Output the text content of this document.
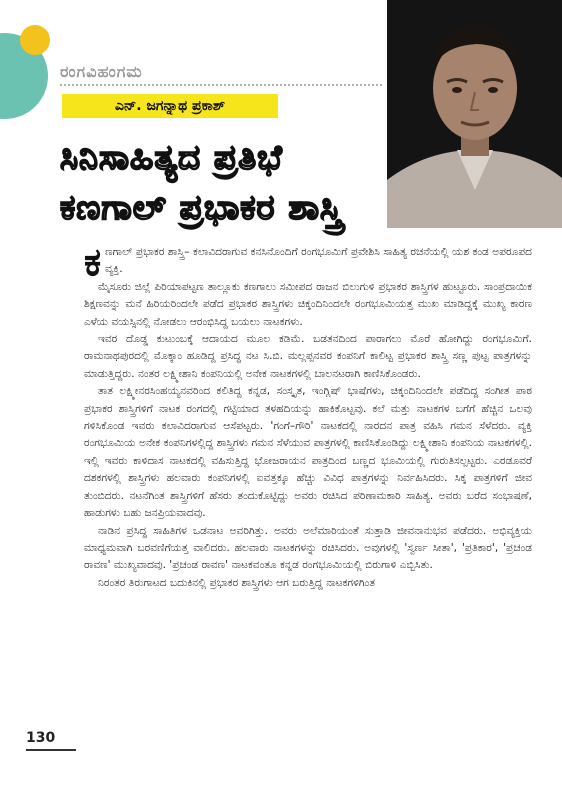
ರಂಗವಿಹಂಗಮ
ಎನ್. ಜಗನ್ನಾಥ ಪ್ರಕಾಶ್
ಸಿನಿಸಾಹಿತ್ಯದ ಪ್ರತಿಭೆ
ಕಣಗಾಲ್ ಪ್ರಭಾಕರ ಶಾಸ್ತ್ರಿ

ಕಣಗಾಲ್ ಪ್ರಭಾಕರ ಶಾಸ್ತ್ರಿ– ಕಲಾವಿದರಾಗುವ ಕನಸಿನೊಂದಿಗೆ ರಂಗಭೂಮಿಗೆ ಪ್ರವೇಶಿಸಿ ಸಾಹಿತ್ಯ ರಚನೆಯಲ್ಲಿ ಯಶ ಕಂಡ ಅಪರೂಪದ ವ್ಯಕ್ತಿ.

ಮೈಸೂರು ಜಿಲ್ಲೆ ಪಿರಿಯಾಪಟ್ಟಣ ತಾಲ್ಲೂಕು ಕಣಗಾಲು ಸಮೀಪದ ರಾಜನ ಬಿಲುಗುಳಿ ಪ್ರಭಾಕರ ಶಾಸ್ತ್ರಿಗಳ ಹುಟ್ಟೂರು. ಸಾಂಪ್ರದಾಯಿಕ ಶಿಕ್ಷಣವನ್ನು ಮನೆ ಹಿರಿಯರಿಂದಲೇ ಪಡೆದ ಪ್ರಭಾಕರ ಶಾಸ್ತ್ರಿಗಳು ಚಿಕ್ಕಂದಿನಿಂದಲೇ ರಂಗಭೂಮಿಯತ್ತ ಮುಖ ಮಾಡಿದ್ದಕ್ಕೆ ಮುಖ್ಯ ಕಾರಣ ಎಳೆಯ ವಯಸ್ಸಿನಲ್ಲಿ ನೋಡಲು ಆರಂಭಿಸಿದ್ದ ಬಯಲು ನಾಟಕಗಳು.

ಇವರ ದೊಡ್ಡ ಕುಟುಂಬಕ್ಕೆ ಆದಾಯದ ಮೂಲ ಕಡಿಮೆ. ಬಡತನದಿಂದ ಪಾರಾಗಲು ಮೊರೆ ಹೋಗಿದ್ದು ರಂಗಭೂಮಿಗೆ. ರಾಮನಾಥಪುರದಲ್ಲಿ ಮೊಕ್ಕಾಂ ಹೂಡಿದ್ದ ಪ್ರಸಿದ್ಧ ನಟ ಸಿ.ಬಿ. ಮಲ್ಲಪ್ಪನವರ ಕಂಪನಿಗೆ ಕಾಲಿಟ್ಟ ಪ್ರಭಾಕರ ಶಾಸ್ತ್ರಿ ಸಣ್ಣ ಪುಟ್ಟ ಪಾತ್ರಗಳನ್ನು ಮಾಡುತ್ತಿದ್ದರು. ನಂತರ ಲಕ್ಷ್ಮೀಶಾನಿ ಕಂಪನಿಯಲ್ಲಿ ಅನೇಕ ನಾಟಕಗಳಲ್ಲಿ ಬಾಲನಟರಾಗಿ ಕಾಣಿಸಿಕೊಂಡರು.

ತಾತ ಲಕ್ಷ್ಮೀನರಸಿಂಹಯ್ಯನವರಿಂದ ಕಲಿತಿದ್ದ ಕನ್ನಡ, ಸಂಸ್ಕೃತ, ಇಂಗ್ಲಿಷ್ ಭಾಷೆಗಳು, ಚಿಕ್ಕಂದಿನಿಂದಲೇ ಪಡೆದಿದ್ದ ಸಂಗೀತ ಪಾಠ ಪ್ರಭಾಕರ ಶಾಸ್ತ್ರಿಗಳಿಗೆ ನಾಟಕ ರಂಗದಲ್ಲಿ ಗಟ್ಟಿಯಾದ ತಳಹದಿಯನ್ನು ಹಾಕಿಕೊಟ್ಟವು. ಕಲೆ ಮತ್ತು ನಾಟಕಗಳ ಬಗೆಗೆ ಹೆಚ್ಚಿನ ಒಲವು ಗಳಿಸಿಕೊಂಡ ಇವರು ಕಲಾವಿದರಾಗುವ ಆಸೆಪಟ್ಟರು. 'ಗಂಗೆ–ಗೌರಿ' ನಾಟಕದಲ್ಲಿ ನಾರದನ ಪಾತ್ರ ವಹಿಸಿ ಗಮನ ಸೆಳೆದರು. ವ್ಯಕ್ತಿ ರಂಗಭೂಮಿಯ ಅನೇಕ ಕಂಪನಿಗಳಲ್ಲಿದ್ದ ಶಾಸ್ತ್ರಿಗಳು ಗಮನ ಸೆಳೆಯುವ ಪಾತ್ರಗಳಲ್ಲಿ ಕಾಣಿಸಿಕೊಂಡಿದ್ದು ಲಕ್ಷ್ಮೀಶಾನಿ ಕಂಪನಿಯ ನಾಟಕಗಳಲ್ಲಿ. ಇಲ್ಲಿ ಇವರು ಕಾಳಿದಾಸ ನಾಟಕದಲ್ಲಿ ವಹಿಸುತ್ತಿದ್ದ ಭೋಜರಾಯನ ಪಾತ್ರದಿಂದ ಬಣ್ಣದ ಭೂಮಿಯಲ್ಲಿ ಗುರುತಿಸಲ್ಪಟ್ಟರು. ಎರಡೂವರೆ ದಶಕಗಳಲ್ಲಿ ಶಾಸ್ತ್ರಿಗಳು ಹಲವಾರು ಕಂಪನಿಗಳಲ್ಲಿ ಐವತ್ತಕ್ಕೂ ಹೆಚ್ಚು ವಿವಿಧ ಪಾತ್ರಗಳನ್ನು ನಿರ್ವಹಿಸಿದರು. ಸಿಕ್ಕ ಪಾತ್ರಗಳಿಗೆ ಜೀವ ತುಂಬಿದರು. ನಟನೆಗಿಂತ ಶಾಸ್ತ್ರಿಗಳಿಗೆ ಹೆಸರು ತಂದುಕೊಟ್ಟಿದ್ದು ಅವರು ರಚಿಸಿದ ಪರಿಣಾಮಕಾರಿ ಸಾಹಿತ್ಯ. ಅವರು ಬರೆದ ಸಂಭಾಷಣೆ, ಹಾಡುಗಳು ಬಹು ಜನಪ್ರಿಯವಾದವು.

ನಾಡಿನ ಪ್ರಸಿದ್ಧ ಸಾಹಿತಿಗಳ ಒಡನಾಟ ಅವರಿಗಿತ್ತು. ಅವರು ಅಲೆಮಾರಿಯಂತೆ ಸುತ್ತಾಡಿ ಜೀವನಾನುಭವ ಪಡೆದರು. ಅಭಿವ್ಯಕ್ತಿಯ ಮಾಧ್ಯಮವಾಗಿ ಬರವಣಿಗೆಯತ್ತ ವಾಲಿದರು. ಹಲವಾರು ನಾಟಕಗಳನ್ನು ರಚಿಸಿದರು. ಅವುಗಳಲ್ಲಿ 'ಸ್ವರ್ಣ ಸೀತಾ', 'ಪ್ರತಿಕಾರ', 'ಪ್ರಚಂಡ ರಾವಣ' ಮುಖ್ಯವಾದವು. 'ಪ್ರಚಂಡ ರಾವಣ' ನಾಟಕವಂತೂ ಕನ್ನಡ ರಂಗಭೂಮಿಯಲ್ಲಿ ಬಿರುಗಾಳಿ ಎಬ್ಬಿಸಿತು.

ನಿರಂತರ ತಿರುಗಾಟದ ಬದುಕಿನಲ್ಲಿ ಪ್ರಭಾಕರ ಶಾಸ್ತ್ರಿಗಳು ಆಗ ಬರುತ್ತಿದ್ದ ನಾಟಕಗಳಿಗಿಂತ

130
